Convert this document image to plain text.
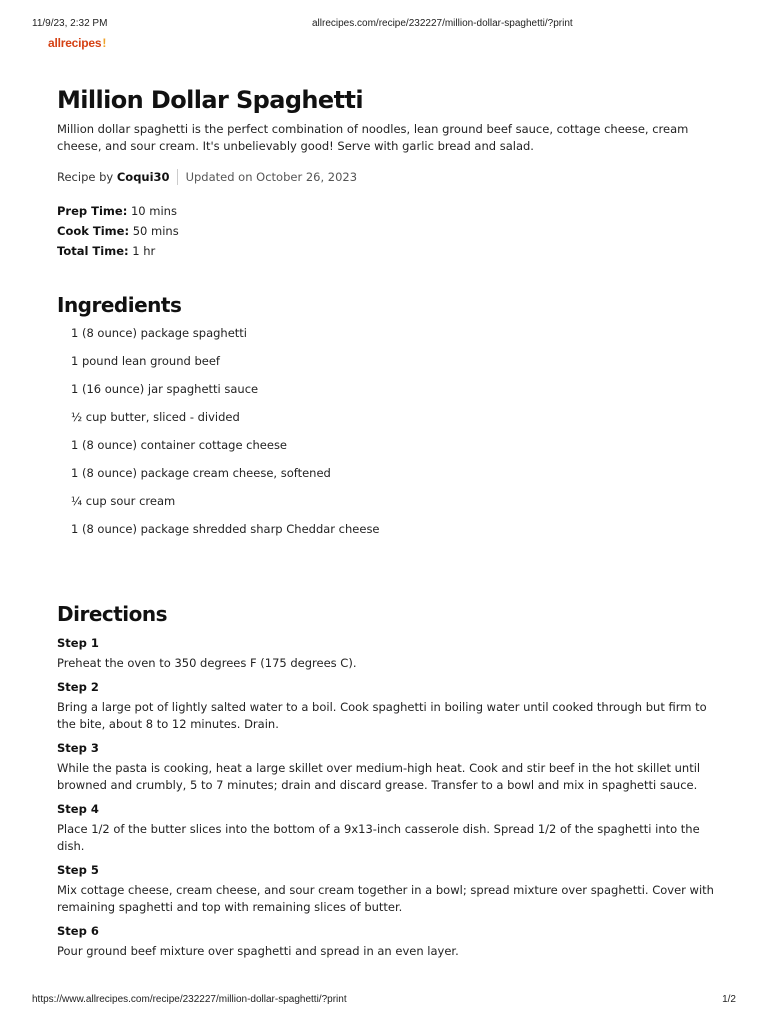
11/9/23, 2:32 PM	allrecipes.com/recipe/232227/million-dollar-spaghetti/?print
allrecipes!
Million Dollar Spaghetti

Million dollar spaghetti is the perfect combination of noodles, lean ground beef sauce, cottage cheese, cream cheese, and sour cream. It's unbelievably good! Serve with garlic bread and salad.

Recipe by Coqui30 Updated on October 26, 2023
Prep Time: 10 mins
Cook Time: 50 mins
Total Time: 1 hr
Ingredients
1 (8 ounce) package spaghetti
1 pound lean ground beef
1 (16 ounce) jar spaghetti sauce
½ cup butter, sliced - divided
1 (8 ounce) container cottage cheese
1 (8 ounce) package cream cheese, softened
¼ cup sour cream
1 (8 ounce) package shredded sharp Cheddar cheese
Directions
Step 1
Preheat the oven to 350 degrees F (175 degrees C).
Step 2
Bring a large pot of lightly salted water to a boil. Cook spaghetti in boiling water until cooked through but firm to the bite, about 8 to 12 minutes. Drain.
Step 3
While the pasta is cooking, heat a large skillet over medium-high heat. Cook and stir beef in the hot skillet until browned and crumbly, 5 to 7 minutes; drain and discard grease. Transfer to a bowl and mix in spaghetti sauce.
Step 4
Place 1/2 of the butter slices into the bottom of a 9x13-inch casserole dish. Spread 1/2 of the spaghetti into the dish.
Step 5
Mix cottage cheese, cream cheese, and sour cream together in a bowl; spread mixture over spaghetti. Cover with remaining spaghetti and top with remaining slices of butter.
Step 6
Pour ground beef mixture over spaghetti and spread in an even layer.
https://www.allrecipes.com/recipe/232227/million-dollar-spaghetti/?print	1/2
